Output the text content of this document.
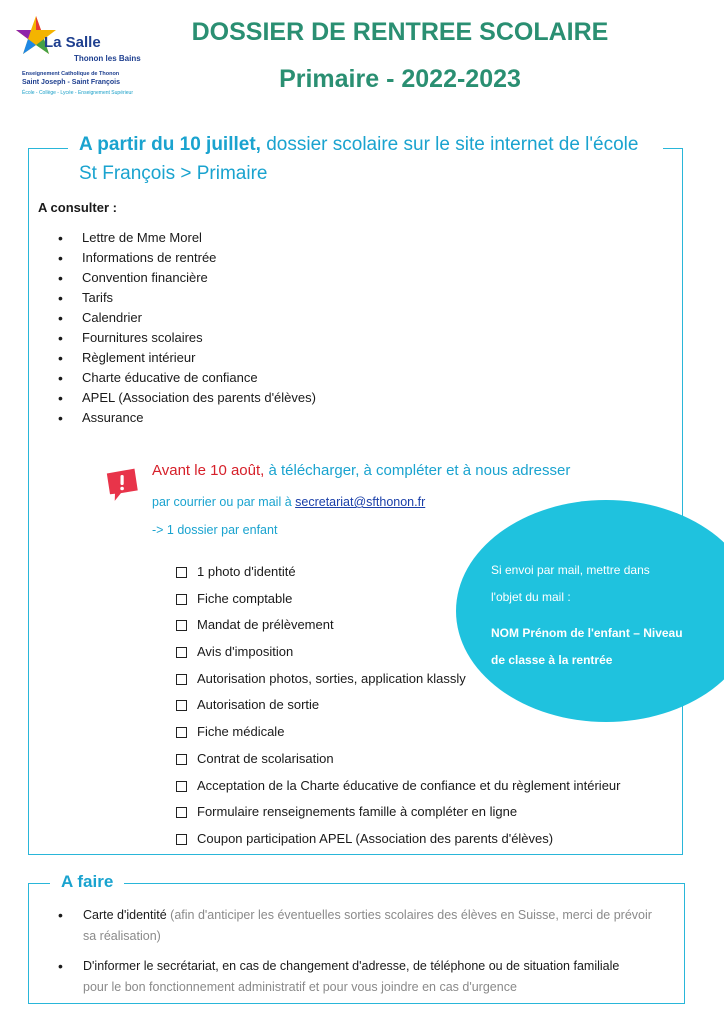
La Salle
Thonon les Bains
Enseignement Catholique de Thonon
Saint Joseph - Saint François
École - Collège - Lycée - Enseignement Supérieur
DOSSIER DE RENTREE SCOLAIRE
Primaire - 2022-2023
A partir du 10 juillet, dossier scolaire sur le site internet de l'école St François > Primaire
A consulter :
• Lettre de Mme Morel
• Informations de rentrée
• Convention financière
• Tarifs
• Calendrier
• Fournitures scolaires
• Règlement intérieur
• Charte éducative de confiance
• APEL (Association des parents d'élèves)
• Assurance
Avant le 10 août, à télécharger, à compléter et à nous adresser
par courrier ou par mail à secretariat@sfthonon.fr
-> 1 dossier par enfant
1 photo d'identité
Fiche comptable
Mandat de prélèvement
Avis d'imposition
Autorisation photos, sorties, application klassly
Autorisation de sortie
Fiche médicale
Contrat de scolarisation
Acceptation de la Charte éducative de confiance et du règlement intérieur
Formulaire renseignements famille à compléter en ligne
Coupon participation APEL (Association des parents d'élèves)
Si envoi par mail, mettre dans
l'objet du mail :
NOM Prénom de l'enfant – Niveau
de classe à la rentrée
A faire
• Carte d'identité (afin d'anticiper les éventuelles sorties scolaires des élèves en Suisse, merci de prévoir sa réalisation)
• D'informer le secrétariat, en cas de changement d'adresse, de téléphone ou de situation familiale
pour le bon fonctionnement administratif et pour vous joindre en cas d'urgence
